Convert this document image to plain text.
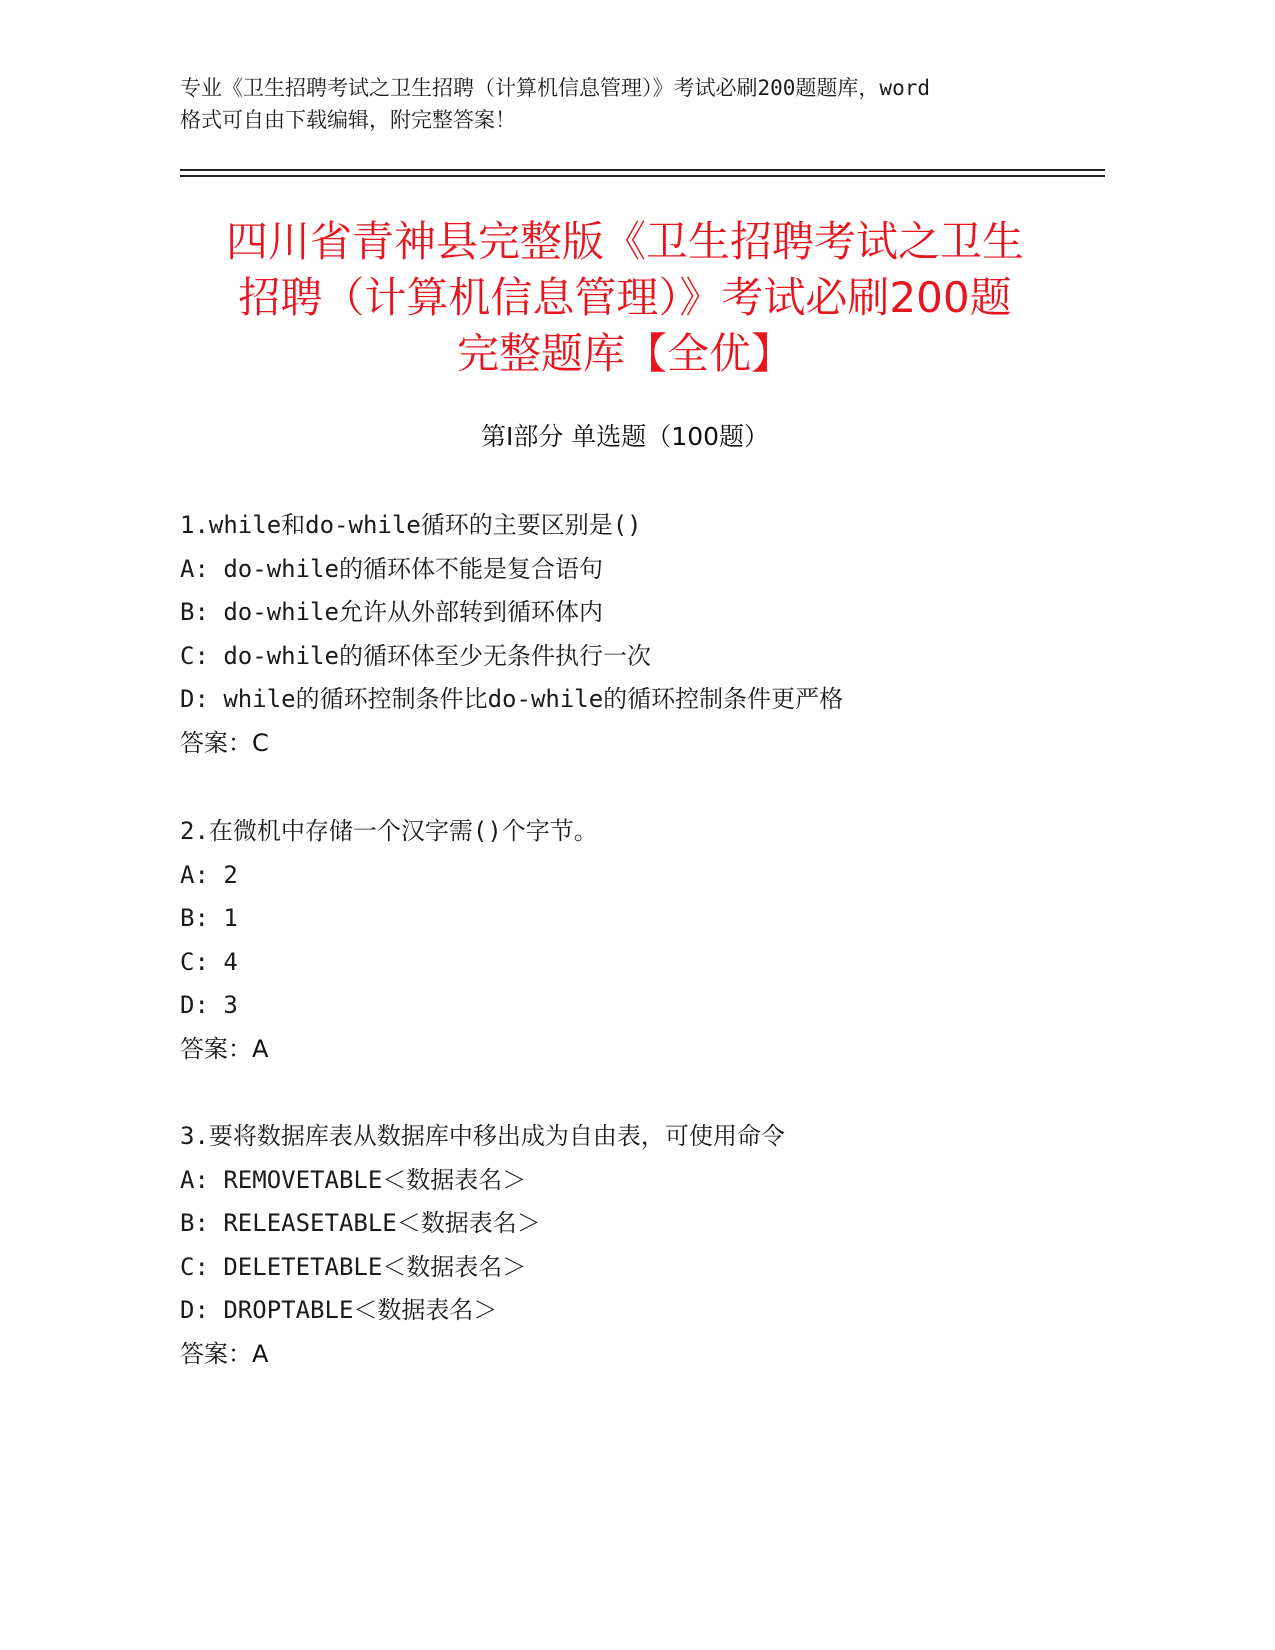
专业《卫生招聘考试之卫生招聘（计算机信息管理）》考试必刷200题题库，word
格式可自由下载编辑，附完整答案！
四川省青神县完整版《卫生招聘考试之卫生
招聘（计算机信息管理）》考试必刷200题
完整题库【全优】
第I部分 单选题（100题）
1.while和do-while循环的主要区别是()
A: do-while的循环体不能是复合语句
B: do-while允许从外部转到循环体内
C: do-while的循环体至少无条件执行一次
D: while的循环控制条件比do-while的循环控制条件更严格
答案：C
2.在微机中存储一个汉字需()个字节。
A: 2
B: 1
C: 4
D: 3
答案：A
3.要将数据库表从数据库中移出成为自由表，可使用命令
A: REMOVETABLE＜数据表名＞
B: RELEASETABLE＜数据表名＞
C: DELETETABLE＜数据表名＞
D: DROPTABLE＜数据表名＞
答案：A
